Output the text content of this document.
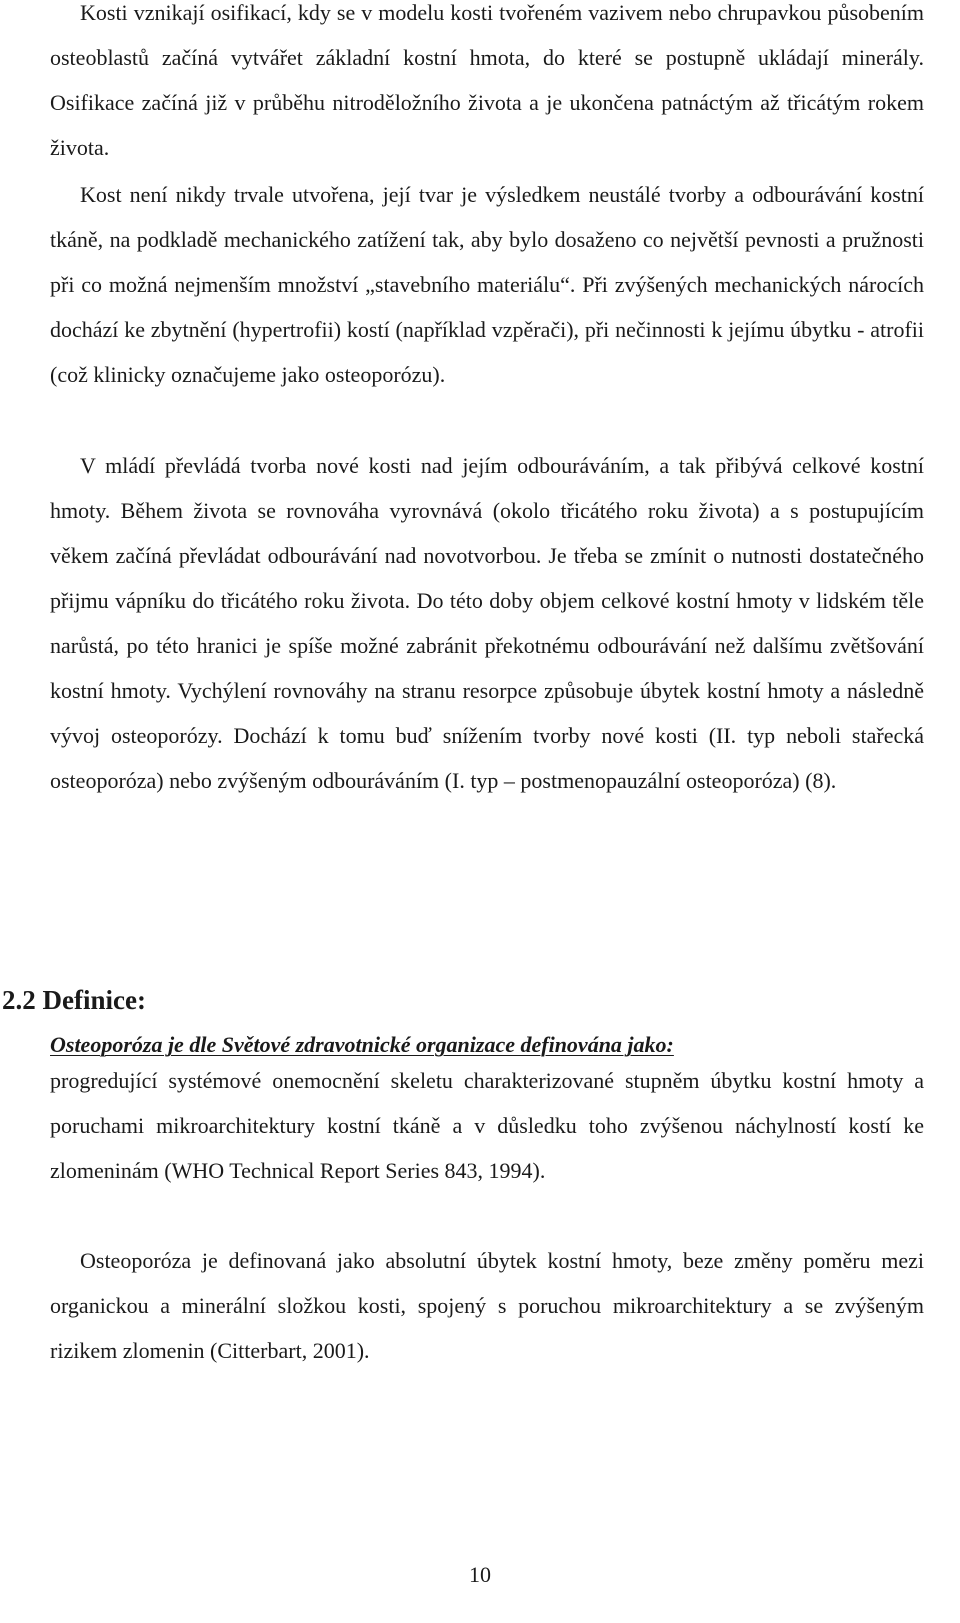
Kosti vznikají osifikací, kdy se v modelu kosti tvořeném vazivem nebo chrupavkou působením osteoblastů začíná vytvářet základní kostní hmota, do které se postupně ukládají minerály. Osifikace začíná již v průběhu nitroděložního života a je ukončena patnáctým až třicátým rokem života.

Kost není nikdy trvale utvořena, její tvar je výsledkem neustálé tvorby a odbourávání kostní tkáně, na podkladě mechanického zatížení tak, aby bylo dosaženo co největší pevnosti a pružnosti při co možná nejmenším množství „stavebního materiálu“. Při zvýšených mechanických nárocích dochází ke zbytnění (hypertrofii) kostí (například vzpěrači), při nečinnosti k jejímu úbytku - atrofii (což klinicky označujeme jako osteoporózu).

V mládí převládá tvorba nové kosti nad jejím odbouráváním, a tak přibývá celkové kostní hmoty. Během života se rovnováha vyrovnává (okolo třicátého roku života) a s postupujícím věkem začíná převládat odbourávání nad novotvorbou. Je třeba se zmínit o nutnosti dostatečného přijmu vápníku do třicátého roku života. Do této doby objem celkové kostní hmoty v lidském těle narůstá, po této hranici je spíše možné zabránit překotnému odbourávání než dalšímu zvětšování kostní hmoty. Vychýlení rovnováhy na stranu resorpce způsobuje úbytek kostní hmoty a následně vývoj osteoporózy. Dochází k tomu buď snížením tvorby nové kosti (II. typ neboli stařecká osteoporóza) nebo zvýšeným odbouráváním (I. typ – postmenopauzální osteoporóza) (8).

2.2 Definice:

Osteoporóza je dle Světové zdravotnické organizace definována jako:

progredující systémové onemocnění skeletu charakterizované stupněm úbytku kostní hmoty a poruchami mikroarchitektury kostní tkáně a v důsledku toho zvýšenou náchylností kostí ke zlomeninám (WHO Technical Report Series 843, 1994).

Osteoporóza je definovaná jako absolutní úbytek kostní hmoty, beze změny poměru mezi organickou a minerální složkou kosti, spojený s poruchou mikroarchitektury a se zvýšeným rizikem zlomenin (Citterbart, 2001).

10
